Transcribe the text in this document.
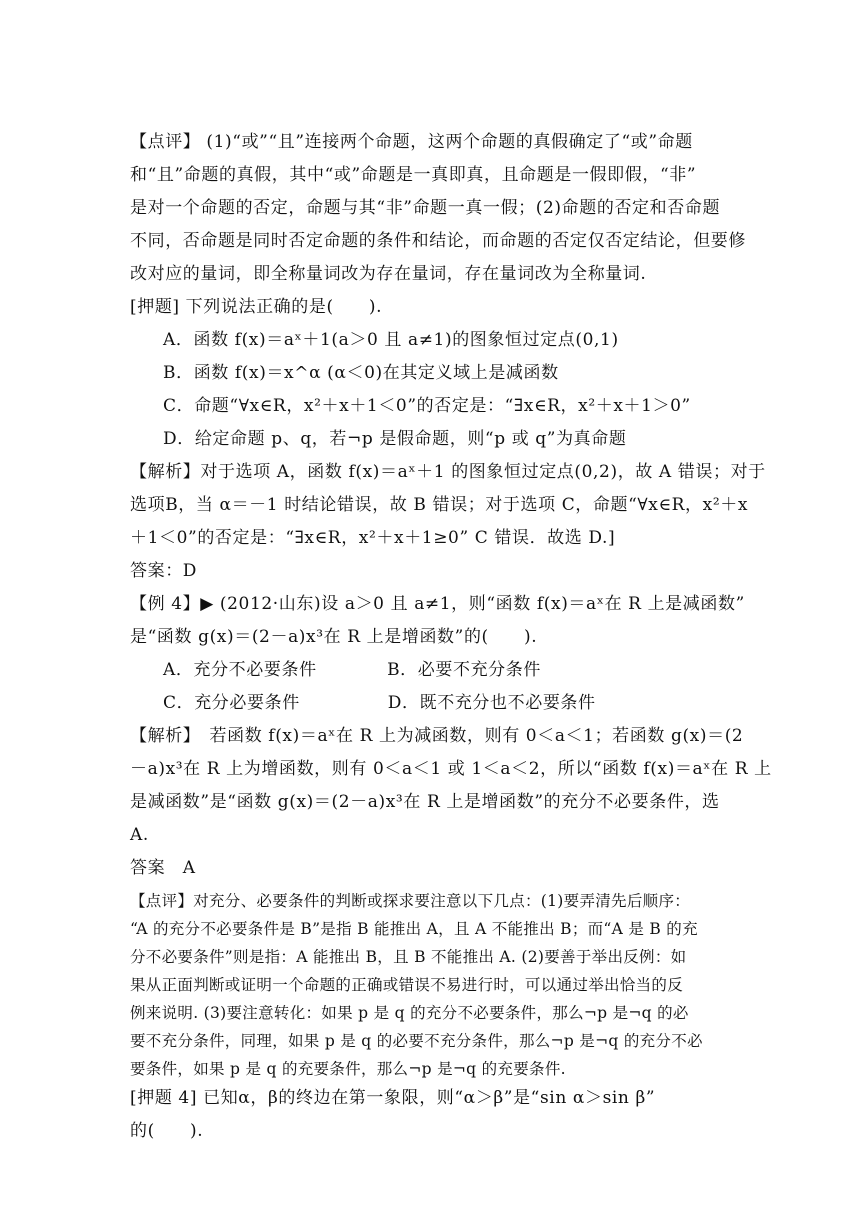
【点评】 (1)“或”“且”连接两个命题，这两个命题的真假确定了“或”命题
和“且”命题的真假，其中“或”命题是一真即真，且命题是一假即假，“非”
是对一个命题的否定，命题与其“非”命题一真一假；(2)命题的否定和否命题
不同，否命题是同时否定命题的条件和结论，而命题的否定仅否定结论，但要修
改对应的量词，即全称量词改为存在量词，存在量词改为全称量词.
[押题] 下列说法正确的是(　　).
A．函数 f(x)＝aˣ＋1(a＞0 且 a≠1)的图象恒过定点(0,1)
B．函数 f(x)＝x^α (α＜0)在其定义域上是减函数
C．命题“∀x∈R，x²＋x＋1＜0”的否定是：“∃x∈R，x²＋x＋1＞0”
D．给定命题 p、q，若¬p 是假命题，则“p 或 q”为真命题
【解析】对于选项 A，函数 f(x)＝aˣ＋1 的图象恒过定点(0,2)，故 A 错误；对于
选项B，当 α＝－1 时结论错误，故 B 错误；对于选项 C，命题“∀x∈R，x²＋x
＋1＜0”的否定是：“∃x∈R，x²＋x＋1≥0” C 错误．故选 D.]
答案：D
【例 4】▶ (2012·山东)设 a＞0 且 a≠1，则“函数 f(x)＝aˣ在 R 上是减函数”
是“函数 g(x)＝(2－a)x³在 R 上是增函数”的(　　).
A．充分不必要条件　　　　B．必要不充分条件
C．充分必要条件　　　　　D．既不充分也不必要条件
【解析】　若函数 f(x)＝aˣ在 R 上为减函数，则有 0＜a＜1；若函数 g(x)＝(2
－a)x³在 R 上为增函数，则有 0＜a＜1 或 1＜a＜2，所以“函数 f(x)＝aˣ在 R 上
是减函数”是“函数 g(x)＝(2－a)x³在 R 上是增函数”的充分不必要条件，选
A.
答案　A
【点评】对充分、必要条件的判断或探求要注意以下几点：(1)要弄清先后顺序：
“A 的充分不必要条件是 B”是指 B 能推出 A，且 A 不能推出 B；而“A 是 B 的充
分不必要条件”则是指：A 能推出 B，且 B 不能推出 A. (2)要善于举出反例：如
果从正面判断或证明一个命题的正确或错误不易进行时，可以通过举出恰当的反
例来说明. (3)要注意转化：如果 p 是 q 的充分不必要条件，那么¬p 是¬q 的必
要不充分条件，同理，如果 p 是 q 的必要不充分条件，那么¬p 是¬q 的充分不必
要条件，如果 p 是 q 的充要条件，那么¬p 是¬q 的充要条件.
[押题 4] 已知α，β的终边在第一象限，则“α＞β”是“sin α＞sin β”
的(　　).
